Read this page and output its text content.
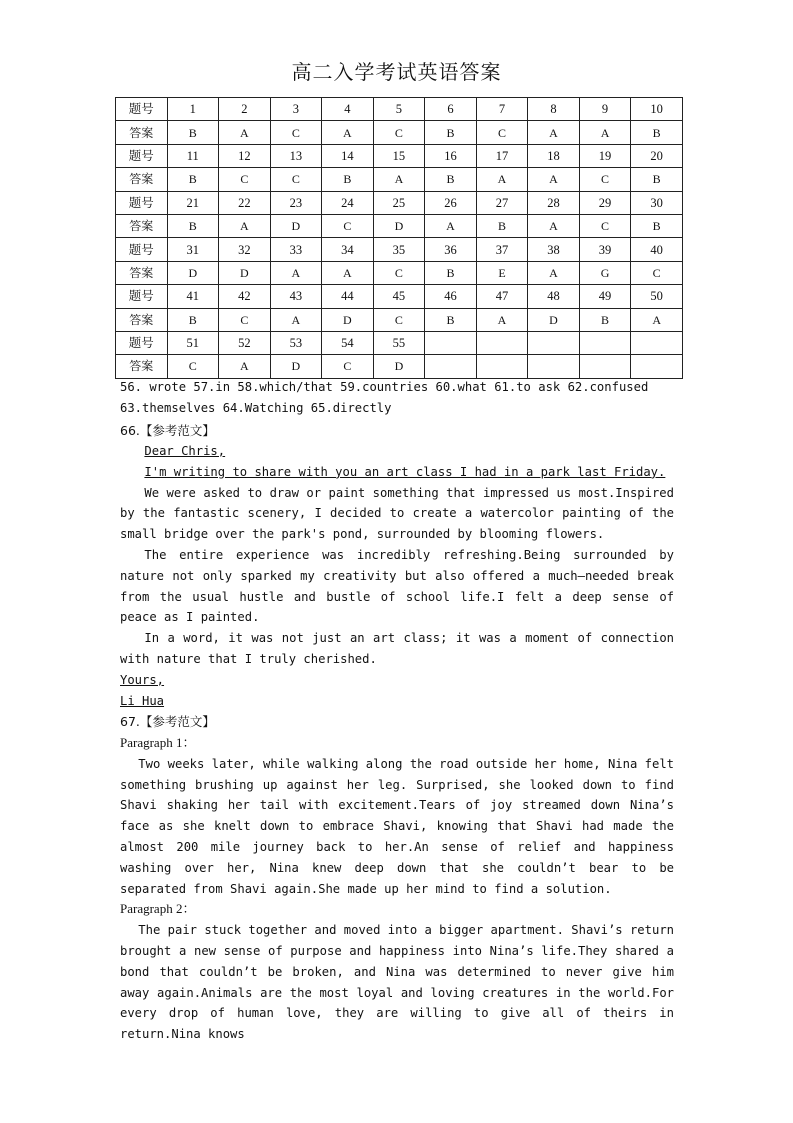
高二入学考试英语答案
题号	1	2	3	4	5	6	7	8	9	10
答案	B	A	C	A	C	B	C	A	A	B
题号	11	12	13	14	15	16	17	18	19	20
答案	B	C	C	B	A	B	A	A	C	B
题号	21	22	23	24	25	26	27	28	29	30
答案	B	A	D	C	D	A	B	A	C	B
题号	31	32	33	34	35	36	37	38	39	40
答案	D	D	A	A	C	B	E	A	G	C
题号	41	42	43	44	45	46	47	48	49	50
答案	B	C	A	D	C	B	A	D	B	A
题号	51	52	53	54	55					
答案	C	A	D	C	D					
56. wrote 57.in 58.which/that 59.countries 60.what 61.to ask 62.confused
63.themselves 64.Watching 65.directly
66.【参考范文】

Dear Chris,

I'm writing to share with you an art class I had in a park last Friday.

We were asked to draw or paint something that impressed us most.Inspired by the fantastic scenery, I decided to create a watercolor painting of the small bridge over the park's pond, surrounded by blooming flowers.

The entire experience was incredibly refreshing.Being surrounded by nature not only sparked my creativity but also offered a much—needed break from the usual hustle and bustle of school life.I felt a deep sense of peace as I painted.

In a word, it was not just an art class; it was a moment of connection with nature that I truly cherished.

Yours,

Li Hua

67.【参考范文】

Paragraph 1：

Two weeks later, while walking along the road outside her home, Nina felt something brushing up against her leg. Surprised, she looked down to find Shavi shaking her tail with excitement.Tears of joy streamed down Nina’s face as she knelt down to embrace Shavi, knowing that Shavi had made the almost 200 mile journey back to her.An sense of relief and happiness washing over her, Nina knew deep down that she couldn’t bear to be separated from Shavi again.She made up her mind to find a solution.

Paragraph 2：

The pair stuck together and moved into a bigger apartment. Shavi’s return brought a new sense of purpose and happiness into Nina’s life.They shared a bond that couldn’t be broken, and Nina was determined to never give him away again.Animals are the most loyal and loving creatures in the world.For every drop of human love, they are willing to give all of theirs in return.Nina knows
